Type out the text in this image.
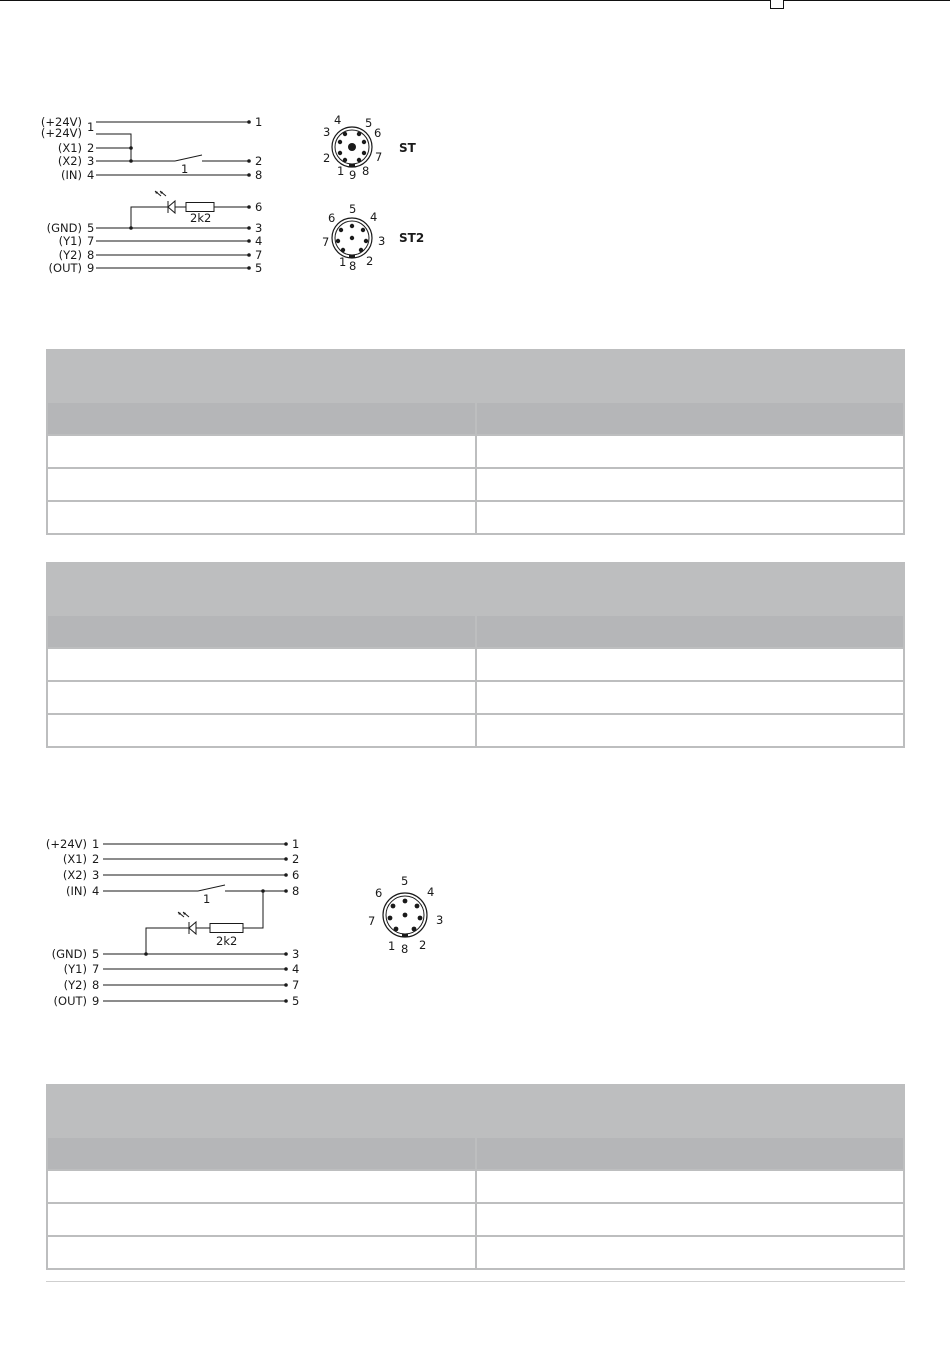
(+24V)
(+24V)
(X1)
(X2)
(IN)
(GND)
(Y1)
(Y2)
(OUT)
1
2
3
4
5
7
8
9
1
2
8
6
3
4
7
5
1
2k2
4 5
3	6
2	7
1 9 8
ST
5
6	4
7	3
1 8 2
ST2
(+24V)
(X1)
(X2)
(IN)
(GND)
(Y1)
(Y2)
(OUT)
1
2
3
4
5
7
8
9
1
2
6
8
3
4
7
5
1
2k2
5
6	4
7	3
1 8 2
